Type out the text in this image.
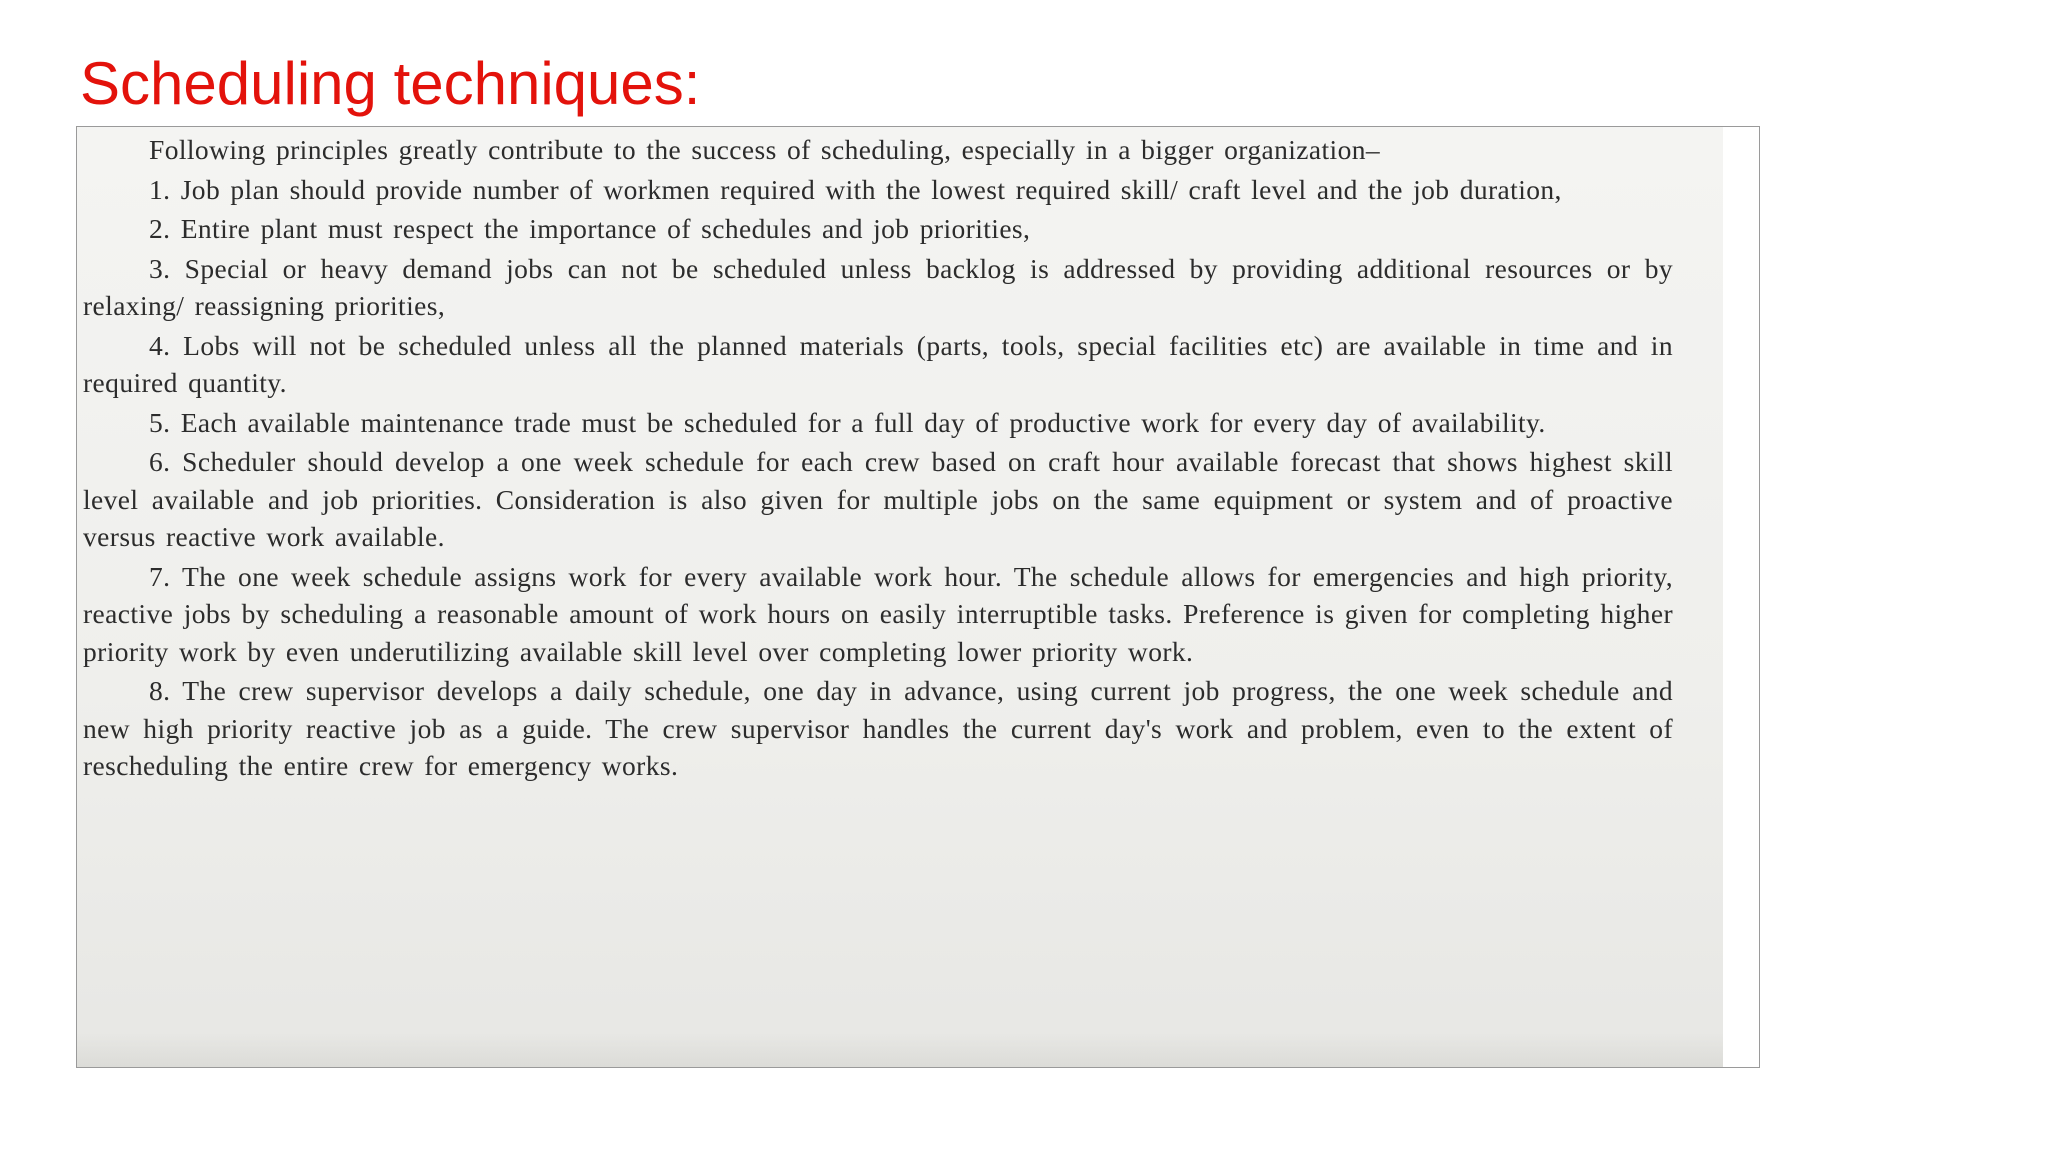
Scheduling techniques:

Following principles greatly contribute to the success of scheduling, especially in a bigger organization–

1. Job plan should provide number of workmen required with the lowest required skill/ craft level and the job duration,

2. Entire plant must respect the importance of schedules and job priorities,

3. Special or heavy demand jobs can not be scheduled unless backlog is addressed by providing additional resources or by relaxing/ reassigning priorities,

4. Lobs will not be scheduled unless all the planned materials (parts, tools, special facilities etc) are available in time and in required quantity.

5. Each available maintenance trade must be scheduled for a full day of productive work for every day of availability.

6. Scheduler should develop a one week schedule for each crew based on craft hour available forecast that shows highest skill level available and job priorities. Consideration is also given for multiple jobs on the same equipment or system and of proactive versus reactive work available.

7. The one week schedule assigns work for every available work hour. The schedule allows for emergencies and high priority, reactive jobs by scheduling a reasonable amount of work hours on easily interruptible tasks. Preference is given for completing higher priority work by even underutilizing available skill level over completing lower priority work.

8. The crew supervisor develops a daily schedule, one day in advance, using current job progress, the one week schedule and new high priority reactive job as a guide. The crew supervisor handles the current day's work and problem, even to the extent of rescheduling the entire crew for emergency works.
